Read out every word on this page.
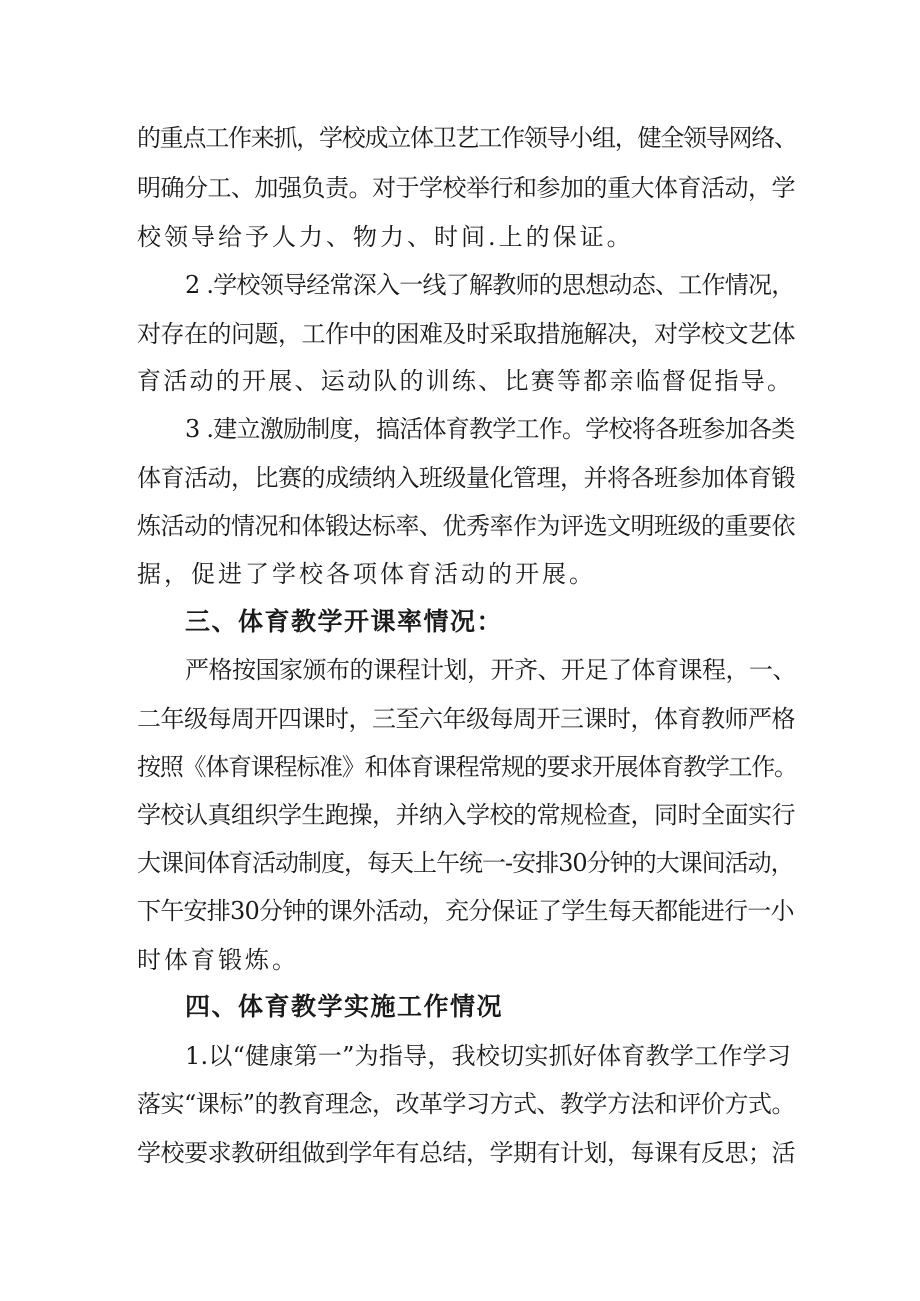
的重点工作来抓，学校成立体卫艺工作领导小组，健全领导网络、
明确分工、加强负责。对于学校举行和参加的重大体育活动，学
校领导给予人力、物力、时间.上的保证。
2 .学校领导经常深入一线了解教师的思想动态、工作情况，
对存在的问题，工作中的困难及时采取措施解决，对学校文艺体
育活动的开展、运动队的训练、比赛等都亲临督促指导。
3 .建立激励制度，搞活体育教学工作。学校将各班参加各类
体育活动，比赛的成绩纳入班级量化管理，并将各班参加体育锻
炼活动的情况和体锻达标率、优秀率作为评选文明班级的重要依
据，促进了学校各项体育活动的开展。
三、体育教学开课率情况：
严格按国家颁布的课程计划，开齐、开足了体育课程，一、
二年级每周开四课时，三至六年级每周开三课时，体育教师严格
按照《体育课程标准》和体育课程常规的要求开展体育教学工作。
学校认真组织学生跑操，并纳入学校的常规检查，同时全面实行
大课间体育活动制度，每天上午统一-安排30分钟的大课间活动，
下午安排30分钟的课外活动，充分保证了学生每天都能进行一小
时体育锻炼。
四、体育教学实施工作情况
1.以“健康第一”为指导，我校切实抓好体育教学工作学习
落实“课标”的教育理念，改革学习方式、教学方法和评价方式。
学校要求教研组做到学年有总结，学期有计划，每课有反思；活
